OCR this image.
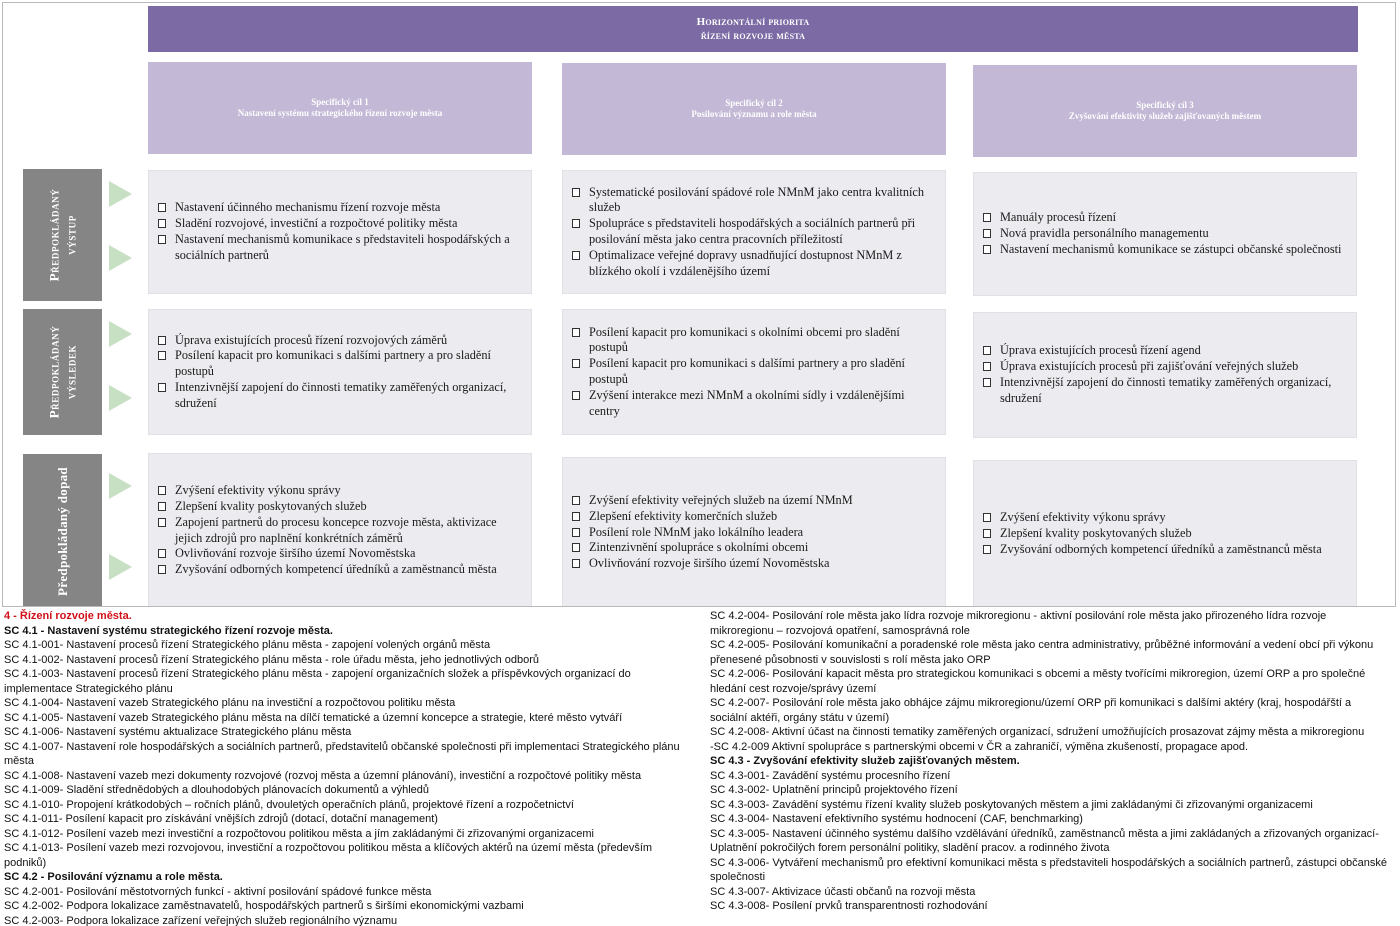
Horizontální priorita
řízení rozvoje města
Specifický cíl 1
Nastavení systému strategického řízení rozvoje města
Specifický cíl 2
Posilování významu a role města
Specifický cíl 3
Zvyšování efektivity služeb zajišťovaných městem
Předpokládaný výstup
Předpokládaný výsledek
Předpokládaný dopad
Nastavení účinného mechanismu řízení rozvoje města
Sladění rozvojové, investiční a rozpočtové politiky města
Nastavení mechanismů komunikace s představiteli hospodářských a sociálních partnerů
Systematické posilování spádové role NMnM jako centra kvalitních služeb
Spolupráce s představiteli hospodářských a sociálních partnerů při posilování města jako centra pracovních příležitostí
Optimalizace veřejné dopravy usnadňující dostupnost NMnM z blízkého okolí i vzdálenějšího území
Manuály procesů řízení
Nová pravidla personálního managementu
Nastavení mechanismů komunikace se zástupci občanské společnosti
Úprava existujících procesů řízení rozvojových záměrů
Posílení kapacit pro komunikaci s dalšími partnery a pro sladění postupů
Intenzivnější zapojení do činnosti tematiky zaměřených organizací, sdružení
Posílení kapacit pro komunikaci s okolními obcemi pro sladění postupů
Posílení kapacit pro komunikaci s dalšími partnery a pro sladění postupů
Zvýšení interakce mezi NMnM a okolními sídly i vzdálenějšími centry
Úprava existujících procesů řízení agend
Úprava existujících procesů při zajišťování veřejných služeb
Intenzivnější zapojení do činnosti tematiky zaměřených organizací, sdružení
Zvýšení efektivity výkonu správy
Zlepšení kvality poskytovaných služeb
Zapojení partnerů do procesu koncepce rozvoje města, aktivizace jejich zdrojů pro naplnění konkrétních záměrů
Ovlivňování rozvoje širšího území Novoměstska
Zvyšování odborných kompetencí úředníků a zaměstnanců města
Zvýšení efektivity veřejných služeb na území NMnM
Zlepšení efektivity komerčních služeb
Posílení role NMnM jako lokálního leadera
Zintenzivnění spolupráce s okolními obcemi
Ovlivňování rozvoje širšího území Novoměstska
Zvýšení efektivity výkonu správy
Zlepšení kvality poskytovaných služeb
Zvyšování odborných kompetencí úředníků a zaměstnanců města
4 - Řízení rozvoje města.
SC 4.1 - Nastavení systému strategického řízení rozvoje města.
SC 4.1-001- Nastavení procesů řízení Strategického plánu města - zapojení volených orgánů města
SC 4.1-002- Nastavení procesů řízení Strategického plánu města - role úřadu města, jeho jednotlivých odborů
SC 4.1-003- Nastavení procesů řízení Strategického plánu města - zapojení organizačních složek a příspěvkových organizací do implementace Strategického plánu
SC 4.1-004- Nastavení vazeb Strategického plánu na investiční a rozpočtovou politiku města
SC 4.1-005- Nastavení vazeb Strategického plánu města na dílčí tematické a územní koncepce a strategie, které město vytváří
SC 4.1-006- Nastavení systému aktualizace Strategického plánu města
SC 4.1-007- Nastavení role hospodářských a sociálních partnerů, představitelů občanské společnosti při implementaci Strategického plánu města
SC 4.1-008- Nastavení vazeb mezi dokumenty rozvojové (rozvoj města a územní plánování), investiční a rozpočtové politiky města
SC 4.1-009- Sladění střednědobých a dlouhodobých plánovacích dokumentů a výhledů
SC 4.1-010- Propojení krátkodobých – ročních plánů, dvouletých operačních plánů, projektové řízení a rozpočetnictví
SC 4.1-011- Posílení kapacit pro získávání vnějších zdrojů (dotací, dotační management)
SC 4.1-012- Posílení vazeb mezi investiční a rozpočtovou politikou města a jím zakládanými či zřizovanými organizacemi
SC 4.1-013- Posílení vazeb mezi rozvojovou, investiční a rozpočtovou politikou města a klíčových aktérů na území města (především podniků)
SC 4.2 - Posilování významu a role města.
SC 4.2-001- Posilování městotvorných funkcí - aktivní posilování spádové funkce města
SC 4.2-002- Podpora lokalizace zaměstnavatelů, hospodářských partnerů s širšími ekonomickými vazbami
SC 4.2-003- Podpora lokalizace zařízení veřejných služeb regionálního významu
SC 4.2-004- Posilování role města jako lídra rozvoje mikroregionu - aktivní posilování role města jako přirozeného lídra rozvoje mikroregionu – rozvojová opatření, samosprávná role
SC 4.2-005- Posilování komunikační a poradenské role města jako centra administrativy, průběžné informování a vedení obcí při výkonu přenesené působnosti v souvislosti s rolí města jako ORP
SC 4.2-006- Posilování kapacit města pro strategickou komunikaci s obcemi a městy tvořícími mikroregion, území ORP a pro společné hledání cest rozvoje/správy území
SC 4.2-007- Posilování role města jako obhájce zájmu mikroregionu/území ORP při komunikaci s dalšími aktéry (kraj, hospodářští a sociální aktéři, orgány státu v území)
SC 4.2-008- Aktivní účast na činnosti tematiky zaměřených organizací, sdružení umožňujících prosazovat zájmy města a mikroregionu
-SC 4.2-009 Aktivní spolupráce s partnerskými obcemi v ČR a zahraničí, výměna zkušeností, propagace apod.
SC 4.3 - Zvyšování efektivity služeb zajišťovaných městem.
SC 4.3-001- Zavádění systému procesního řízení
SC 4.3-002- Uplatnění principů projektového řízení
SC 4.3-003- Zavádění systému řízení kvality služeb poskytovaných městem a jimi zakládanými či zřizovanými organizacemi
SC 4.3-004- Nastavení efektivního systému hodnocení (CAF, benchmarking)
SC 4.3-005- Nastavení účinného systému dalšího vzdělávání úředníků, zaměstnanců města a jimi zakládaných a zřizovaných organizací- Uplatnění pokročilých forem personální politiky, sladění pracov. a rodinného života
SC 4.3-006- Vytváření mechanismů pro efektivní komunikaci města s představiteli hospodářských a sociálních partnerů, zástupci občanské společnosti
SC 4.3-007- Aktivizace účasti občanů na rozvoji města
SC 4.3-008- Posílení prvků transparentnosti rozhodování
